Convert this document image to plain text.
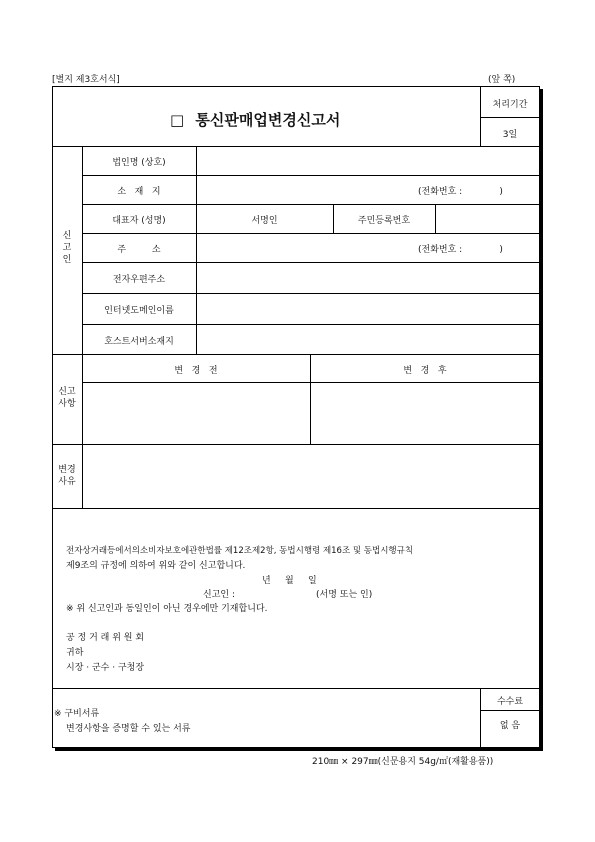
[별지 제3호서식]	(앞 쪽)
□ 통신판매업변경신고서
처리기간
3일
신고인
법인명 (상호)
소   재   지	(전화번호 :             )
대표자 (성명)	서명인	주민등록번호
주         소	(전화번호 :             )
전자우편주소
인터넷도메인이름
호스트서버소재지
신고사항
변   경   전	변   경   후
변경사유
전자상거래등에서의소비자보호에관한법률 제12조제2항, 동법시행령 제16조 및 동법시행규칙
제9조의 규정에 의하여 위와 같이 신고합니다.
년     월     일
신고인 :	(서명 또는 인)
※ 위 신고인과 동일인이 아닌 경우에만 기재합니다.
공 정 거 래 위 원 회
귀하
시장 · 군수 · 구청장
※ 구비서류
변경사항을 증명할 수 있는 서류
수수료
없 음
210㎜ × 297㎜(신문용지 54g/㎡(재활용품))
